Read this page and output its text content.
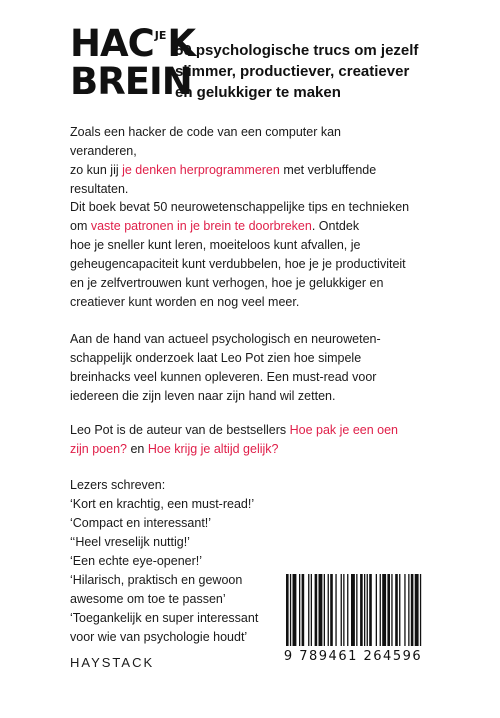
$HAC^{JE}K$
BREIN
50 psychologische trucs om jezelf
slimmer, productiever, creatiever
en gelukkiger te maken
Zoals een hacker de code van een computer kan veranderen,
zo kun jij je denken herprogrammeren met verbluffende
resultaten.
Dit boek bevat 50 neurowetenschappelijke tips en technieken
om vaste patronen in je brein te doorbreken. Ontdek
hoe je sneller kunt leren, moeiteloos kunt afvallen, je
geheugencapaciteit kunt verdubbelen, hoe je je productiviteit
en je zelfvertrouwen kunt verhogen, hoe je gelukkiger en
creatiever kunt worden en nog veel meer.
Aan de hand van actueel psychologisch en neuroweten-
schappelijk onderzoek laat Leo Pot zien hoe simpele
breinhacks veel kunnen opleveren. Een must-read voor
iedereen die zijn leven naar zijn hand wil zetten.
Leo Pot is de auteur van de bestsellers Hoe pak je een oen
zijn poen? en Hoe krijg je altijd gelijk?
Lezers schreven:
‘Kort en krachtig, een must-read!’
‘Compact en interessant!’
‘‘Heel vreselijk nuttig!’
‘Een echte eye-opener!’
‘Hilarisch, praktisch en gewoon
awesome om toe te passen’
‘Toegankelijk en super interessant
voor wie van psychologie houdt’
HAYSTACK	9 789461 264596
